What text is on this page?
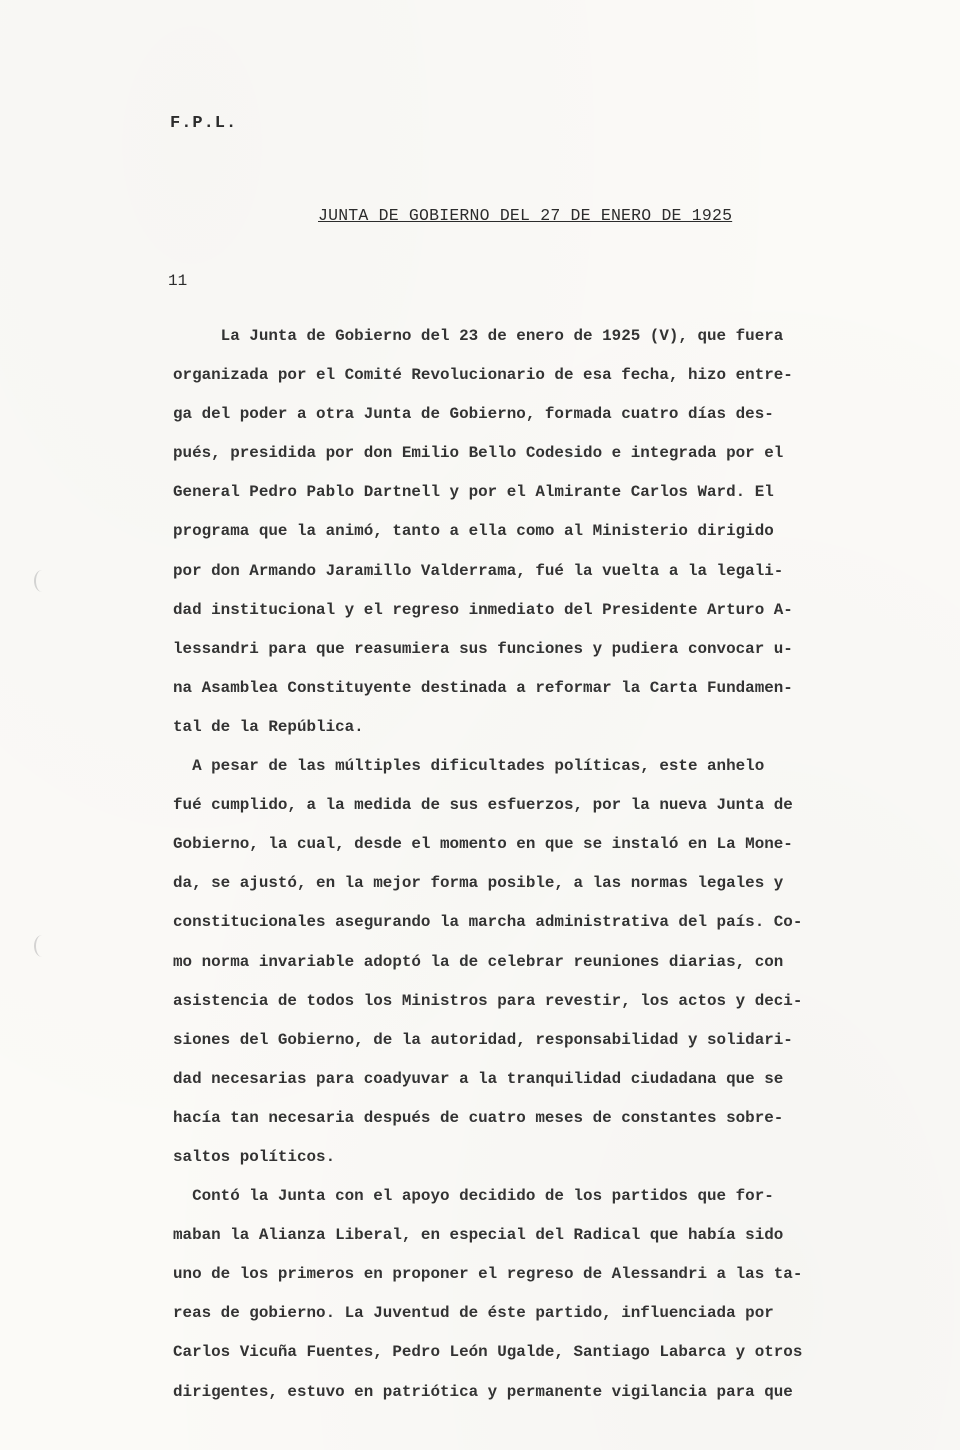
F.P.L.
JUNTA DE GOBIERNO DEL 27 DE ENERO DE 1925
11
La Junta de Gobierno del 23 de enero de 1925 (V), que fuera
organizada por el Comité Revolucionario de esa fecha, hizo entre-
ga del poder a otra Junta de Gobierno, formada cuatro días des-
pués, presidida por don Emilio Bello Codesido e integrada por el
General Pedro Pablo Dartnell y por el Almirante Carlos Ward. El
programa que la animó, tanto a ella como al Ministerio dirigido
por don Armando Jaramillo Valderrama, fué la vuelta a la legali-
dad institucional y el regreso inmediato del Presidente Arturo A-
lessandri para que reasumiera sus funciones y pudiera convocar u-
na Asamblea Constituyente destinada a reformar la Carta Fundamen-
tal de la República.
A pesar de las múltiples dificultades políticas, este anhelo
fué cumplido, a la medida de sus esfuerzos, por la nueva Junta de
Gobierno, la cual, desde el momento en que se instaló en La Mone-
da, se ajustó, en la mejor forma posible, a las normas legales y
constitucionales asegurando la marcha administrativa del país. Co-
mo norma invariable adoptó la de celebrar reuniones diarias, con
asistencia de todos los Ministros para revestir, los actos y deci-
siones del Gobierno, de la autoridad, responsabilidad y solidari-
dad necesarias para coadyuvar a la tranquilidad ciudadana que se
hacía tan necesaria después de cuatro meses de constantes sobre-
saltos políticos.
Contó la Junta con el apoyo decidido de los partidos que for-
maban la Alianza Liberal, en especial del Radical que había sido
uno de los primeros en proponer el regreso de Alessandri a las ta-
reas de gobierno. La Juventud de éste partido, influenciada por
Carlos Vicuña Fuentes, Pedro León Ugalde, Santiago Labarca y otros
dirigentes, estuvo en patriótica y permanente vigilancia para que
